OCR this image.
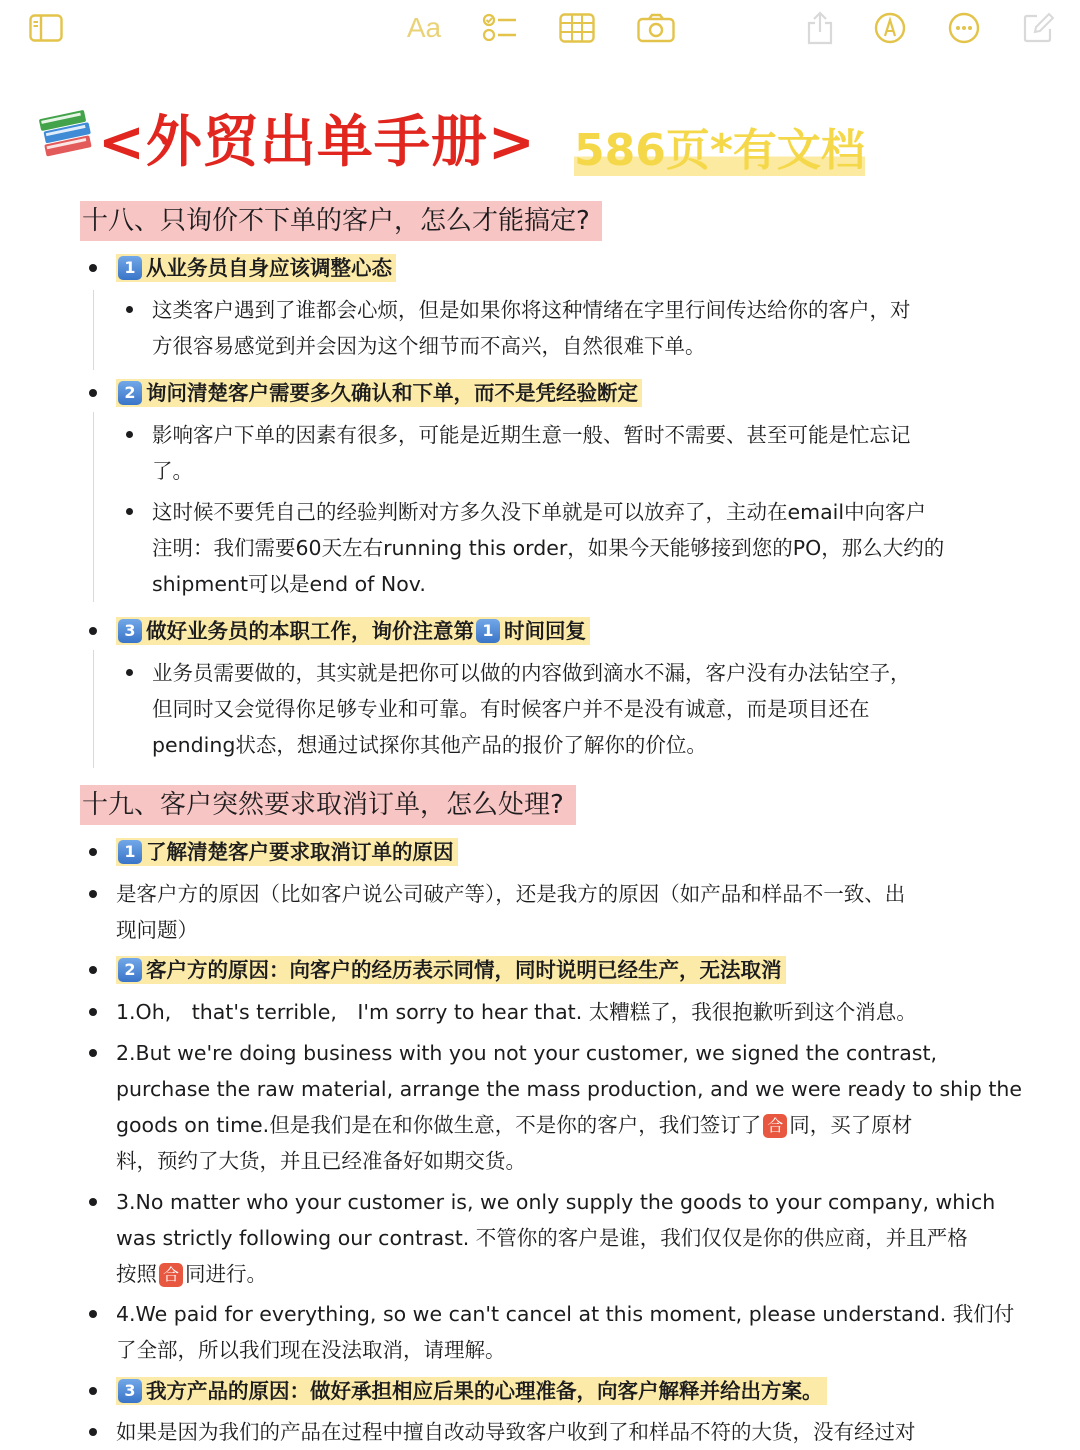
Aa
<外贸出单手册> 586页*有文档
十八、只询价不下单的客户，怎么才能搞定?
1 从业务员自身应该调整心态
这类客户遇到了谁都会心烦，但是如果你将这种情绪在字里行间传达给你的客户，对
方很容易感觉到并会因为这个细节而不高兴，自然很难下单。
2 询问清楚客户需要多久确认和下单，而不是凭经验断定
影响客户下单的因素有很多，可能是近期生意一般、暂时不需要、甚至可能是忙忘记
了。
这时候不要凭自己的经验判断对方多久没下单就是可以放弃了，主动在email中向客户
注明：我们需要60天左右running this order，如果今天能够接到您的PO，那么大约的
shipment可以是end of Nov.
3 做好业务员的本职工作，询价注意第 1 时间回复
业务员需要做的，其实就是把你可以做的内容做到滴水不漏，客户没有办法钻空子，
但同时又会觉得你足够专业和可靠。有时候客户并不是没有诚意，而是项目还在
pending状态，想通过试探你其他产品的报价了解你的价位。
十九、客户突然要求取消订单，怎么处理?
1 了解清楚客户要求取消订单的原因
是客户方的原因（比如客户说公司破产等），还是我方的原因（如产品和样品不一致、出
现问题）
2 客户方的原因：向客户的经历表示同情，同时说明已经生产，无法取消
1.Oh,　that's terrible,　I'm sorry to hear that. 太糟糕了，我很抱歉听到这个消息。
2.But we're doing business with you not your customer, we signed the contrast,
purchase the raw material, arrange the mass production, and we were ready to ship the
goods on time.但是我们是在和你做生意，不是你的客户，我们签订了 合 同，买了原材
料，预约了大货，并且已经准备好如期交货。
3.No matter who your customer is, we only supply the goods to your company, which
was strictly following our contrast. 不管你的客户是谁，我们仅仅是你的供应商，并且严格
按照 合 同进行。
4.We paid for everything, so we can't cancel at this moment, please understand. 我们付
了全部，所以我们现在没法取消，请理解。
3 我方产品的原因：做好承担相应后果的心理准备，向客户解释并给出方案。
如果是因为我们的产品在过程中擅自改动导致客户收到了和样品不符的大货，没有经过对
